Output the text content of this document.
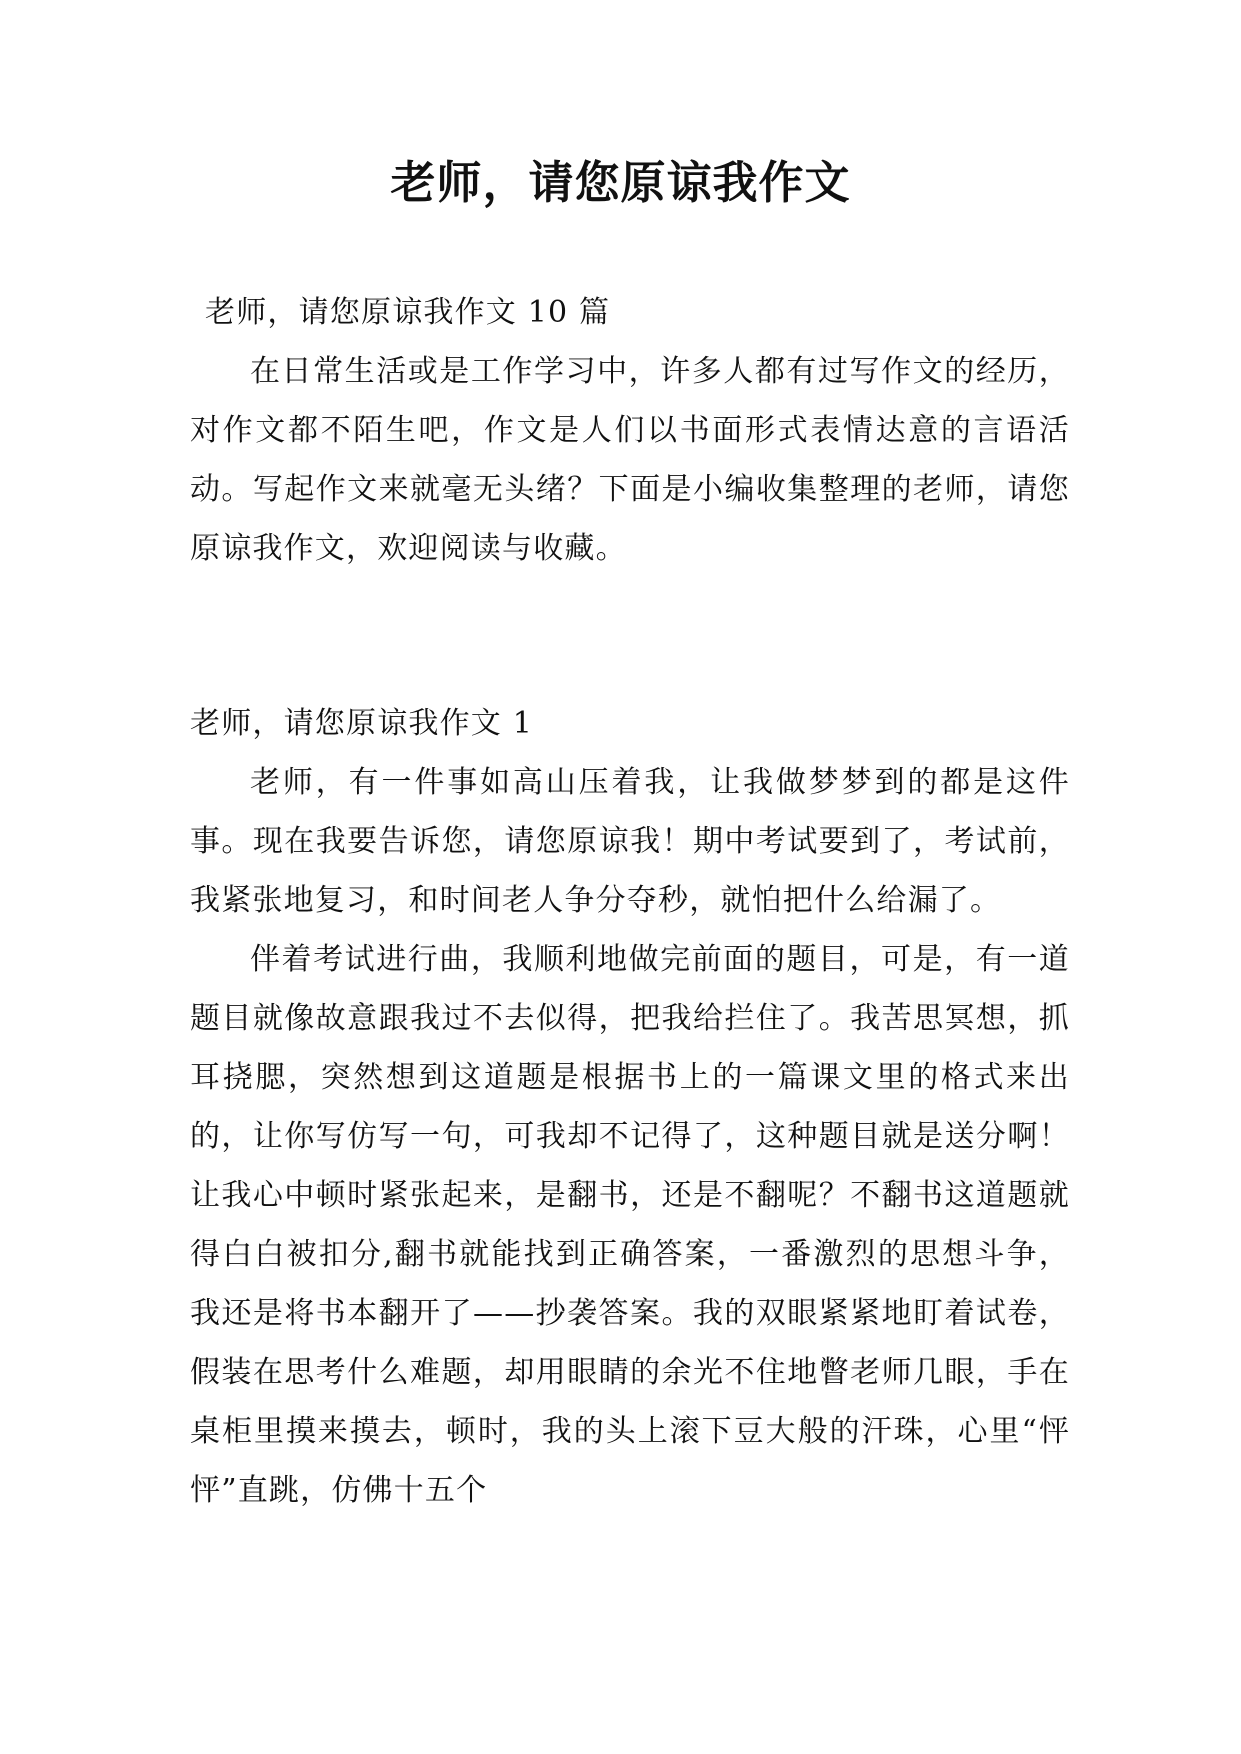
老师，请您原谅我作文

老师，请您原谅我作文 10 篇

在日常生活或是工作学习中，许多人都有过写作文的经历，对作文都不陌生吧，作文是人们以书面形式表情达意的言语活动。写起作文来就毫无头绪？下面是小编收集整理的老师，请您原谅我作文，欢迎阅读与收藏。

老师，请您原谅我作文 1

老师，有一件事如高山压着我，让我做梦梦到的都是这件事。现在我要告诉您，请您原谅我！期中考试要到了，考试前，我紧张地复习，和时间老人争分夺秒，就怕把什么给漏了。

伴着考试进行曲，我顺利地做完前面的题目，可是，有一道题目就像故意跟我过不去似得，把我给拦住了。我苦思冥想，抓耳挠腮，突然想到这道题是根据书上的一篇课文里的格式来出的，让你写仿写一句，可我却不记得了，这种题目就是送分啊！让我心中顿时紧张起来，是翻书，还是不翻呢？不翻书这道题就得白白被扣分,翻书就能找到正确答案，一番激烈的思想斗争，我还是将书本翻开了——抄袭答案。我的双眼紧紧地盯着试卷，假装在思考什么难题，却用眼睛的余光不住地瞥老师几眼，手在桌柜里摸来摸去，顿时，我的头上滚下豆大般的汗珠，心里“怦怦”直跳，仿佛十五个
